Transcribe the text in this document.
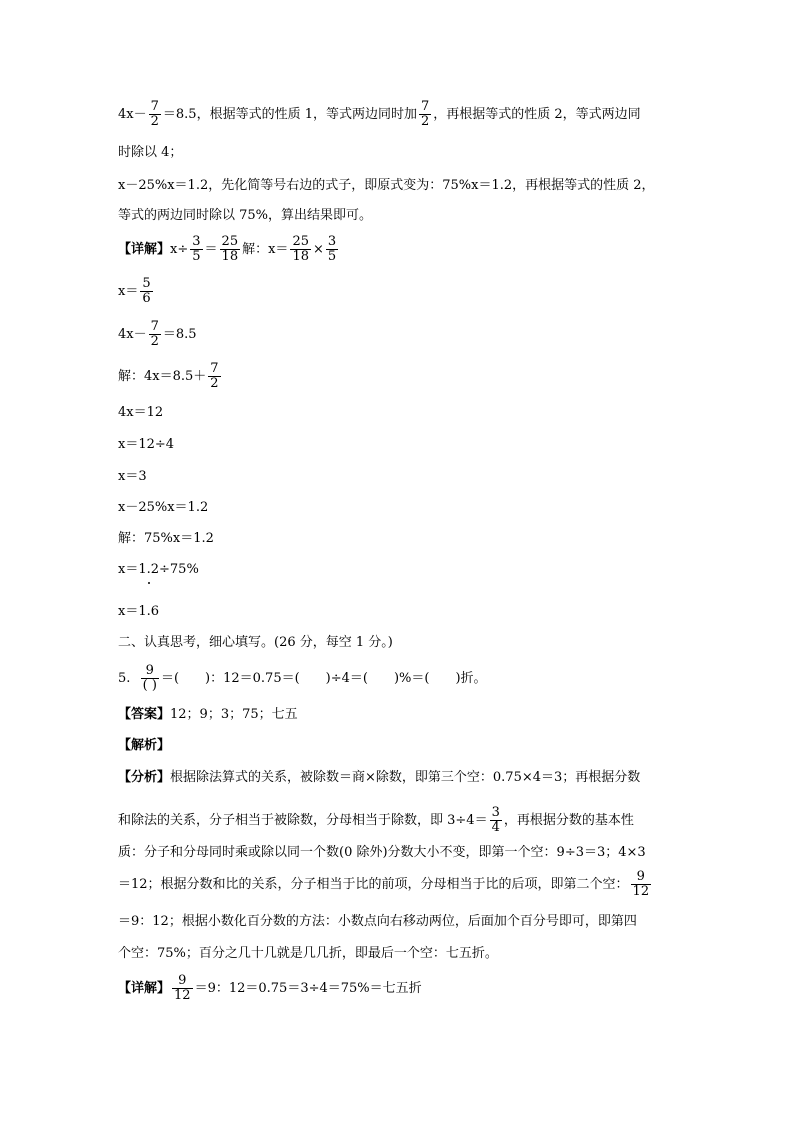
$4x- \frac{7}{2} =8.5$，根据等式的性质 1，等式两边同时加 $\frac{7}{2}$ ，再根据等式的性质 2，等式两边同
时除以 4；
x－25%x＝1.2，先化简等号右边的式子，即原式变为：75%x＝1.2，再根据等式的性质 2，
等式的两边同时除以 75%，算出结果即可。
【详解】$x\div \frac{3}{5} = \frac{25}{18}$ 解：$x= \frac{25}{18} \times \frac{3}{5}$
$x= \frac{5}{6}$
$4x- \frac{7}{2} =8.5$
解：$4x=8.5+ \frac{7}{2}$
4x＝12
x＝12÷4
x＝3
x－25%x＝1.2
解：75%x＝1.2
x＝1.2÷75%
x＝1.6
二、认真思考，细心填写。(26 分，每空 1 分。)
5. $\frac{9}{( )}$ ＝(　　)：12＝0.75＝(　　)÷4＝(　　)%＝(　　)折。
【答案】12；9；3；75；七五
【解析】
【分析】根据除法算式的关系，被除数＝商×除数，即第三个空：0.75×4＝3；再根据分数
和除法的关系，分子相当于被除数，分母相当于除数，即 $3\div 4= \frac{3}{4}$ ，再根据分数的基本性
质：分子和分母同时乘或除以同一个数(0 除外)分数大小不变，即第一个空：9÷3＝3；4×3
＝12；根据分数和比的关系，分子相当于比的前项，分母相当于比的后项，即第二个空： $\frac{9}{12}$
＝9：12；根据小数化百分数的方法：小数点向右移动两位，后面加个百分号即可，即第四
个空：75%；百分之几十几就是几几折，即最后一个空：七五折。
【详解】 $\frac{9}{12} =9$：12＝0.75＝3÷4＝75%＝七五折
